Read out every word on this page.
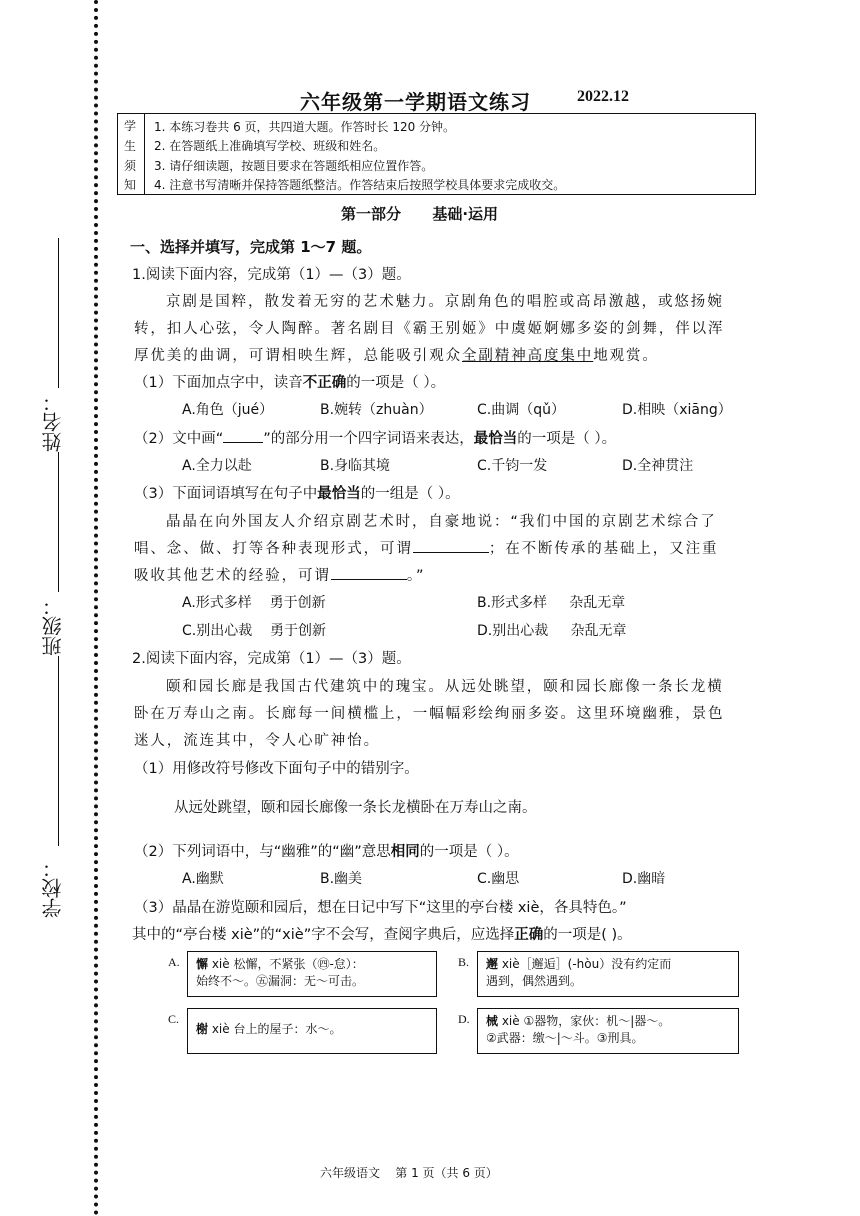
姓名：
班级：
学校：
六年级第一学期语文练习	2022.12
学
生
须
知
1. 本练习卷共 6 页，共四道大题。作答时长 120 分钟。
2. 在答题纸上准确填写学校、班级和姓名。
3. 请仔细读题，按题目要求在答题纸相应位置作答。
4. 注意书写清晰并保持答题纸整洁。作答结束后按照学校具体要求完成收交。
第一部分      基础·运用
一、选择并填写，完成第 1～7 题。
1.阅读下面内容，完成第（1）—（3）题。
京剧是国粹，散发着无穷的艺术魅力。京剧角色的唱腔或高昂激越，或悠扬婉
转，扣人心弦，令人陶醉。著名剧目《霸王别姬》中虞姬婀娜多姿的剑舞，伴以浑
厚优美的曲调，可谓相映生辉，总能吸引观众全副精神高度集中地观赏。
（1）下面加点字中，读音不正确的一项是（ ）。
A.角色（jué）	B.婉转（zhuàn）	C.曲调（qǔ）	D.相映（xiāng）
（2）文中画“	”的部分用一个四字词语来表达，最恰当的一项是（ ）。
A.全力以赴	B.身临其境	C.千钧一发	D.全神贯注
（3）下面词语填写在句子中最恰当的一组是（ ）。
晶晶在向外国友人介绍京剧艺术时，自豪地说：“我们中国的京剧艺术综合了
唱、念、做、打等各种表现形式，可谓	；在不断传承的基础上，又注重
吸收其他艺术的经验，可谓	。”
A.形式多样    勇于创新	B.形式多样     杂乱无章
C.别出心裁    勇于创新	D.别出心裁     杂乱无章
2.阅读下面内容，完成第（1）—（3）题。
颐和园长廊是我国古代建筑中的瑰宝。从远处眺望，颐和园长廊像一条长龙横
卧在万寿山之南。长廊每一间横槛上，一幅幅彩绘绚丽多姿。这里环境幽雅，景色
迷人，流连其中，令人心旷神怡。
（1）用修改符号修改下面句子中的错别字。
从远处跳望，颐和园长廊像一条长龙横卧在万寿山之南。
（2）下列词语中，与“幽雅”的“幽”意思相同的一项是（ ）。
A.幽默	B.幽美	C.幽思	D.幽暗
（3）晶晶在游览颐和园后，想在日记中写下“这里的亭台楼 xiè，各具特色。”
其中的“亭台楼 xiè”的“xiè”字不会写，查阅字典后，应选择正确的一项是( )。
A. 懈 xiè 松懈，不紧张（㊃-怠）：
始终不～。㊄漏洞：无～可击。
B. 邂 xiè［邂逅］(-hòu）没有约定而
遇到，偶然遇到。
C.
榭 xiè 台上的屋子：水～。
D. 械 xiè ①器物，家伙：机～|器～。
②武器：缴～|～斗。③刑具。
六年级语文    第 1 页（共 6 页）
